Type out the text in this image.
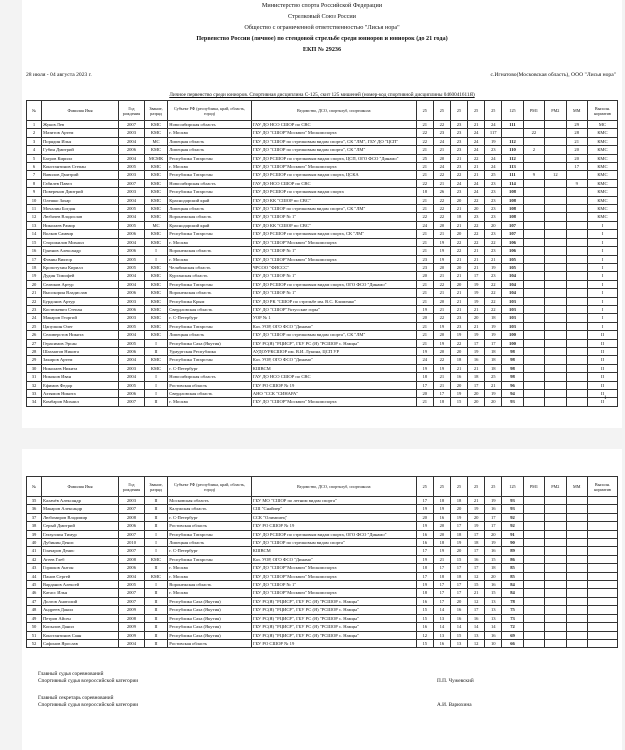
Министерство спорта Российской Федерации
Стрелковый Союз России
Общество с ограниченной ответственностью "Лисья нора"
Первенство России (личное) по стендовой стрельбе среди юниоров и юниорок (до 21 года)
ЕКП № 29236
28 июля - 04 августа 2023 г.	с.Игнатово(Московская область), ООО "Лисья нора"
Личное первенство среди юниоров. Спортивная дисциплина С-125, скит 125 мишеней (номер-код спортивной дисциплины 0460041611Я)
№	Фамилия Имя	Год рождения	Звание, разряд	Субъект РФ (республика, край, область, город)	Ведомство, ДСО, спортклуб, спортшкола	25	25	25	25	25	125	РМ1	РМ2	ММ	Выполн. норматив
1	Жуков Лев	2007	КМС	Новосибирская область	ГАУ ДО НСО СШОР по СВС	21	22	23	21	24	111			29	МС
2	Мазитов Артем	2003	КМС	г. Москва	ГБУ ДО "СШОР"Москвич" Москомспорта	22	23	23	24	117		22		28	КМС
3	Порядин Илья	2004	МС	Липецкая область	ГБУ ДО "СШОР по стрелковым видам спорта", СК "ЛМ", ГБУ ДО "ЦСП"	22	24	23	24	19	112			21	КМС
4	Губин Дмитрий	2006	КМС	Липецкая область	ГБУ ДО "СШОР по стрелковым видам спорта", СК "ЛМ"	21	21	23	24	23	110	2		20	КМС
5	Багров Кирилл	2004	МСМК	Республика Татарстан	ГБУ ДО РСШОР по стрелковым видам спорта, ЦСП, ОГО ФСО "Динамо"	25	20	21	22	24	112			20	КМС
6	Константинов Степан	2005	КМС	г. Москва	ГБУ ДО "СШОР"Москвич" Москомспорта	21	24	23	21	24	113			17	КМС
7	Вавилов Дмитрий	2003	КМС	Республика Татарстан	ГБУ ДО РСШОР по стрелковым видам спорта, ЦСКА	21	22	22	21	25	111	9	12		КМС
8	Габилев Павел	2007	КМС	Новосибирская область	ГАУ ДО НСО СШОР по СВС	22	21	24	24	23	114			9	КМС
9	Поверенов Дмитрий	2003	КМС	Республика Татарстан	ГБУ ДО РСШОР по стрелковым видам спорта	18	26	23	24	23	108				КМС
10	Олешко Захар	2004	КМС	Краснодарский край	ГБУ ДО КК "СШОР по СВС"	21	22	20	22	23	108				КМС
11	Мочалин Богдан	2005	КМС	Липецкая область	ГБУ ДО "СШОР по стрелковым видам спорта", СК "ЛМ"	21	22	21	20	23	108				КМС
12	Любачев Владислав	2004	КМС	Воронежская область	ГБУ ДО "СШОР № 1"	22	22	18	23	23	108				КМС
13	Николаев Рамир	2005	МС	Краснодарский край	ГБУ ДО КК "СШОР по СВС"	24	20	21	22	20	107				I
14	Волков Самвир	2006	КМС	Республика Татарстан	ГБУ ДО РСШОР по стрелковым видам спорта, СК "ЛМ"	21	21	20	22	23	107				I
15	Сторожилов Михаил	2004	КМС	г. Москва	ГБУ ДО "СШОР"Москвич" Москомспорта	21	19	22	22	22	106				I
16	Грязнов Александр	2006	I	Воронежская область	ГБУ ДО "СШОР № 1"	21	19	22	21	23	106				I
17	Фомин Виктор	2005	I	г. Москва	ГБУ ДО "СШОР"Москвич" Москомспорта	23	19	21	21	21	105				I
18	Кропотухин Кирилл	2005	КМС	Челябинская область	ЧРСОО "ФИССС"	23	20	20	21	19	105				I
19	Дудин Тимофей	2004	КМС	Курганская область	ГБУ ДО "СШОР № 1"	20	21	21	17	23	104				I
20	Селюков Артур	2004	КМС	Республика Татарстан	ГБУ ДО РСШОР по стрелковым видам спорта, ОГО ФСО "Динамо"	21	22	20	19	22	104				I
21	Высокорин Владислав	2006	КМС	Воронежская область	ГБУ ДО "СШОР № 1"	21	21	21	19	22	104				I
22	Бурдонов Артур	2003	КМС	Республика Крым	ГБУ ДО РК "СШОР по стрельбе им. В.С. Клименко"	21	20	21	19	22	103				I
23	Костюкевич Степан	2006	КМС	Свердловская область	ГБУ ДО "СШОР"Уктусские горы"	19	21	21	21	22	103				I
24	Макаров Георгий	2003	КМС	г. С-Петербург	УОР № 1	20	22	23	20	18	103				I
25	Цапулкин Олег	2005	КМС	Республика Татарстан	Каз. УОР, ОГО ФСО "Динамо"	21	19	23	21	19	103				I
26	Селиверстов Никита	2004	КМС	Липецкая область	ГБУ ДО "СШОР по стрелковым видам спорта", СК "ЛМ"	21	20	19	19	19	100				II
27	Герасимов Эрсан	2005	I	Республика Саха (Якутия)	ГБУ РС(Я) "РЦИСР", ГБУ РС (Я) "РСШОР с. Намцы"	21	19	22	17	17	100				II
28	Шахматов Никита	2006	II	Удмуртская Республика	АУДОУРКСШОР им. В.И. Лукина, ЦСП УР	19	20	20	19	18	98				II
29	Закиров Артем	2004	КМС	Республика Татарстан	Каз. УОР, ОГО ФСО "Динамо"	24	22	18	16	18	98				II
30	Николаев Никита	2003	КМС	г. С-Петербург	КШВСМ	19	19	21	21	18	98				II
31	Никонов Иван	2004	I	Новосибирская область	ГАУ ДО НСО СШОР по СВС	18	21	16	18	25	98				II
32	Ефимов Федор	2005	I	Ростовская область	ГБУ РО СШОР № 19	17	21	20	17	21	96				II
33	Ахтямов Никита	2006	I	Свердловская область	АНО "ССК "СИНАРА"	20	17	19	20	19	94				II
34	Комбаров Михаил	2007	II	г. Москва	ГБУ ДО "СШОР"Москвич" Москомспорта	21	18	15	20	20	93				II
1
№	Фамилия Имя	Год рождения	Звание, разряд	Субъект РФ (республика, край, область, город)	Ведомство, ДСО, спортклуб, спортшкола	25	25	25	25	25	125	РМ1	РМ2	ММ	Выполн. норматив
35	Калачёв Александр	2003	II	Московская область	ГБУ МО "СШОР по летним видам спорта"	17	18	18	21	19	93				
36	Макаров Александр	2007	II	Калужская область	СШ "Снайпер"	19	19	20	19	16	93				
37	Любомиров Владимир	2008	II	г. С-Петербург	ССК "Олимпиец"	20	16	19	20	17	92				
38	Серый Дмитрий	2006	II	Ростовская область	ГБУ РО СШОР № 19	19	20	17	19	17	92				
39	Гатауллин Тимур	2007	I	Республика Татарстан	ГБУ ДО РСШОР по стрелковым видам спорта, ОГО ФСО "Динамо"	16	20	18	17	20	91				
40	Дубинин Денис	2010	I	Липецкая область	ГБУ ДО "СШОР по стрелковым видам спорта"	16	18	19	18	19	90				
41	Гончаров Денис	2007	I	г. С-Петербург	КШВСМ	17	19	20	17	16	89				
42	Агеев Глеб	2008	КМС	Республика Татарстан	Каз. УОР, ОГО ФСО "Динамо"	19	21	15	16	15	86				
43	Горшков Антон	2006	II	г. Москва	ГБУ ДО "СШОР"Москвич" Москомспорта	18	17	17	17	18	85				
44	Панов Сергей	2004	КМС	г. Москва	ГБУ ДО "СШОР"Москвич" Москомспорта	17	18	18	12	20	85				
45	Варданов Алексей	2005	I	Воронежская область	ГБУ ДО "СШОР № 1"	19	17	17	15	16	84				
46	Катасс Илья	2007	II	г. Москва	ГБУ ДО "СШОР"Москвич" Москомспорта	18	17	17	21	15	84				
47	Долгов Анатолий	2007	II	Республика Саха (Якутия)	ГБУ РС(Я) "РЦИСР", ГБУ РС (Я) "РСШОР с. Намцы"	16	17	20	12	13	78				
48	Андреев Данил	2009	II	Республика Саха (Якутия)	ГБУ РС(Я) "РЦИСР", ГБУ РС (Я) "РСШОР с. Намцы"	15	14	16	17	13	75				
49	Петров Айсен	2008	II	Республика Саха (Якутия)	ГБУ РС(Я) "РЦИСР", ГБУ РС (Я) "РСШОР с. Намцы"	15	13	16	16	13	73				
50	Копылов Данил	2009	II	Республика Саха (Якутия)	ГБУ РС(Я) "РЦИСР", ГБУ РС (Я) "РСШОР с. Намцы"	16	14	14	14	14	72				
51	Константинов Саян	2009	II	Республика Саха (Якутия)	ГБУ РС(Я) "РЦИСР", ГБУ РС (Я) "РСШОР с. Намцы"	12	13	15	13	16	69				
52	Сафонов Ярослав	2004	II	Ростовская область	ГБУ РО СШОР № 19	15	16	13	12	10	66				
Главный судья соревнований
Спортивный судья всероссийской категории	П.П. Чужевский
Главный секретарь соревнований
Спортивный судья всероссийской категории	А.И. Варюхина
